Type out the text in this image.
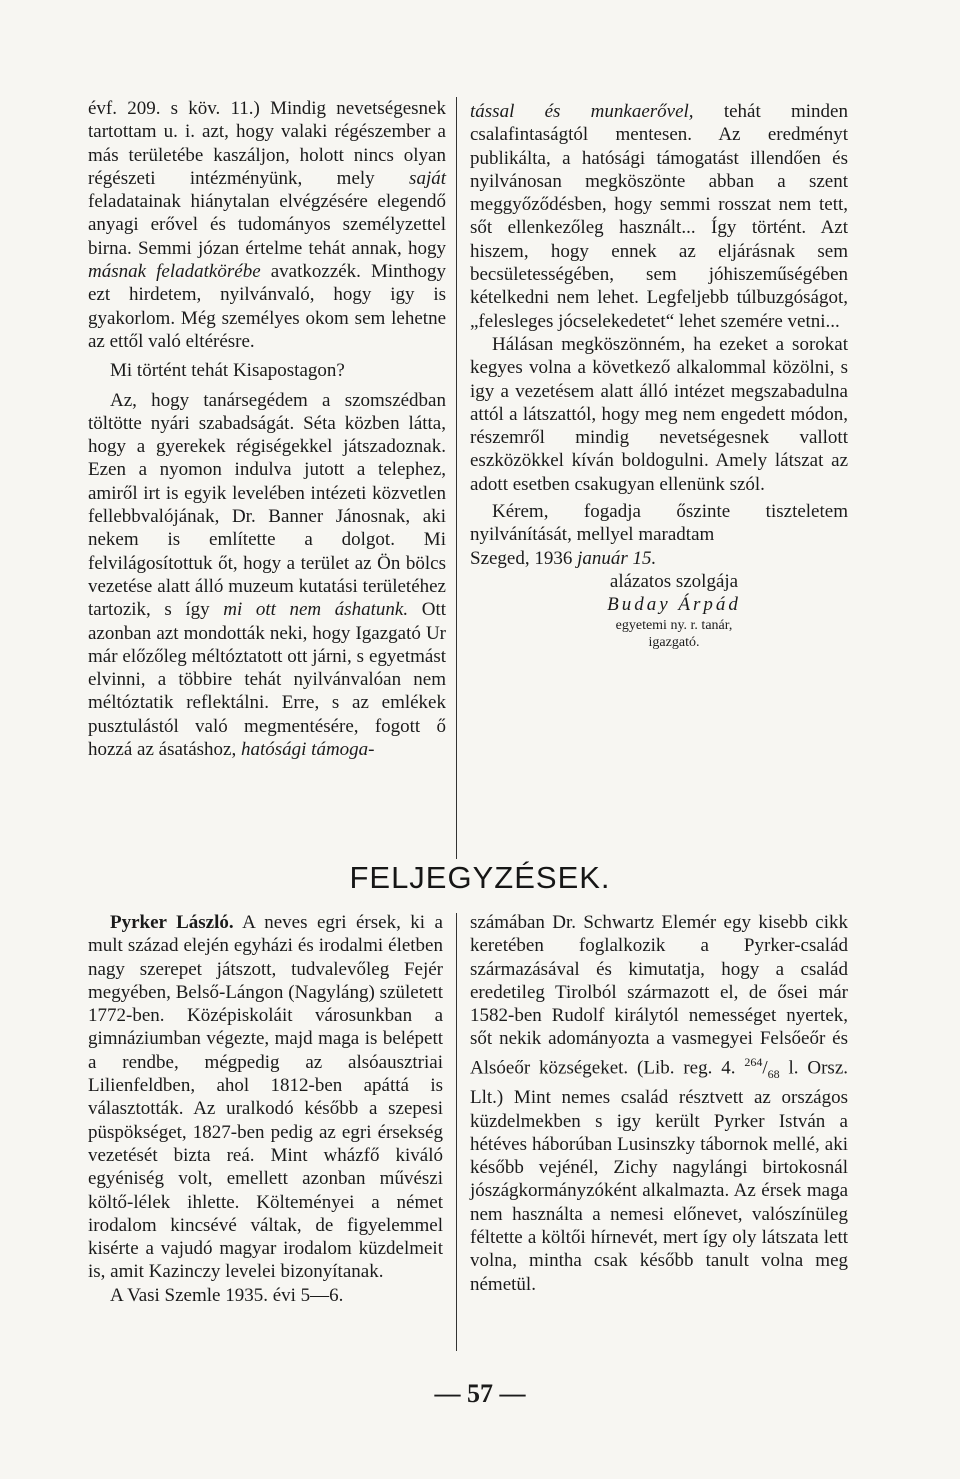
évf. 209. s köv. 11.) Mindig nevetségesnek tartottam u. i. azt, hogy valaki régészember a más területébe kaszáljon, holott nincs olyan régészeti intézményünk, mely saját feladatainak hiánytalan elvégzésére elegendő anyagi erővel és tudományos személyzettel birna. Semmi józan értelme tehát annak, hogy másnak feladatkörébe avatkozzék. Minthogy ezt hirdetem, nyilvánvaló, hogy igy is gyakorlom. Még személyes okom sem lehetne az ettől való eltérésre.

Mi történt tehát Kisapostagon?

Az, hogy tanársegédem a szomszédban töltötte nyári szabadságát. Séta közben látta, hogy a gyerekek régiségekkel játszadoznak. Ezen a nyomon indulva jutott a telephez, amiről irt is egyik levelében intézeti közvetlen fellebbvalójának, Dr. Banner Jánosnak, aki nekem is említette a dolgot. Mi felvilágosítottuk őt, hogy a terület az Ön bölcs vezetése alatt álló muzeum kutatási területéhez tartozik, s így mi ott nem áshatunk. Ott azonban azt mondották neki, hogy Igazgató Ur már előzőleg méltóztatott ott járni, s egyetmást elvinni, a többire tehát nyilvánvalóan nem méltóztatik reflektálni. Erre, s az emlékek pusztulástól való megmentésére, fogott ő hozzá az ásatáshoz, hatósági támoga-

tással és munkaerővel, tehát minden csalafintaságtól mentesen. Az eredményt publikálta, a hatósági támogatást illendően és nyilvánosan megköszönte abban a szent meggyőződésben, hogy semmi rosszat nem tett, sőt ellenkezőleg használt... Így történt. Azt hiszem, hogy ennek az eljárásnak sem becsületességében, sem jóhiszeműségében kételkedni nem lehet. Legfeljebb túlbuzgóságot, „felesleges jócselekedetet“ lehet szemére vetni...

Hálásan megköszönném, ha ezeket a sorokat kegyes volna a következő alkalommal közölni, s igy a vezetésem alatt álló intézet megszabadulna attól a látszattól, hogy meg nem engedett módon, részemről mindig nevetségesnek vallott eszközökkel kíván boldogulni. Amely látszat az adott esetben csakugyan ellenünk szól.

Kérem, fogadja őszinte tiszteletem nyilvánítását, mellyel maradtam

Szeged, 1936 január 15.

alázatos szolgája

Buday Árpád

egyetemi ny. r. tanár,

igazgató.

FELJEGYZÉSEK.

Pyrker László. A neves egri érsek, ki a mult század elején egyházi és irodalmi életben nagy szerepet játszott, tudvalevőleg Fejér megyében, Belső-Lángon (Nagyláng) született 1772-ben. Középiskoláit városunkban a gimnáziumban végezte, majd maga is belépett a rendbe, mégpedig az alsóausztriai Lilienfeldben, ahol 1812-ben apáttá is választották. Az uralkodó később a szepesi püspökséget, 1827-ben pedig az egri érsekség vezetését bizta reá. Mint wházfő kiváló egyéniség volt, emellett azonban művészi költő-lélek ihlette. Költeményei a német irodalom kincsévé váltak, de figyelemmel kisérte a vajudó magyar irodalom küzdelmeit is, amit Kazinczy levelei bizonyítanak.

A Vasi Szemle 1935. évi 5—6.

számában Dr. Schwartz Elemér egy kisebb cikk keretében foglalkozik a Pyrker-család származásával és kimutatja, hogy a család eredetileg Tirolból származott el, de ősei már 1582-ben Rudolf királytól nemességet nyertek, sőt nekik adományozta a vasmegyei Felsőeőr és Alsóeőr községeket. (Lib. reg. 4. $^{264}/_{68}$ l. Orsz. Llt.) Mint nemes család résztvett az országos küzdelmekben s igy került Pyrker István a hétéves háborúban Lusinszky tábornok mellé, aki később vejénél, Zichy nagylángi birtokosnál jószágkormányzóként alkalmazta. Az érsek maga nem használta a nemesi előnevet, valószínüleg féltette a költői hírnevét, mert így oly látszata lett volna, mintha csak később tanult volna meg németül.

— 57 —
